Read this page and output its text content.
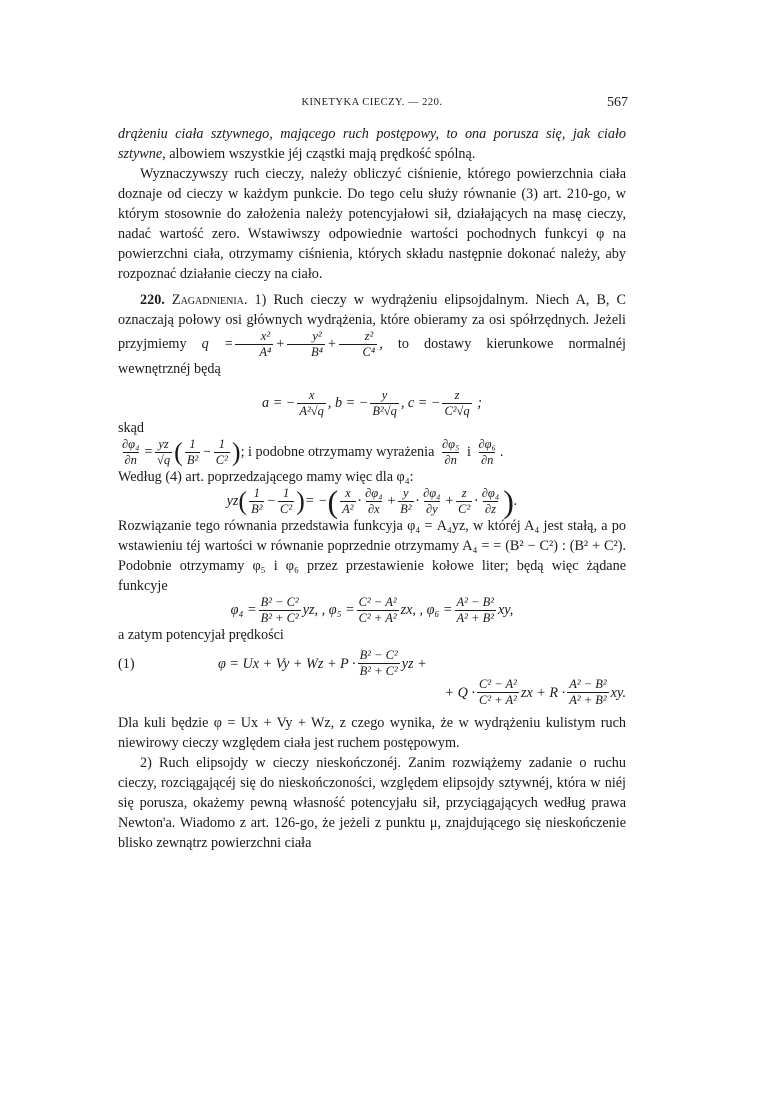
KINETYKA CIECZY. — 220.	567

drążeniu ciała sztywnego, mającego ruch postępowy, to ona porusza się, jak ciało sztywne, albowiem wszystkie jéj cząstki mają prędkość spólną.

Wyznaczywszy ruch cieczy, należy obliczyć ciśnienie, którego powierzchnia ciała doznaje od cieczy w każdym punkcie. Do tego celu służy równanie (3) art. 210-go, w którym stosownie do założenia należy potencyjałowi sił, działających na masę cieczy, nadać wartość zero. Wstawiwszy odpowiednie wartości pochodnych funkcyi φ na powierzchni ciała, otrzymamy ciśnienia, których składu następnie dokonać należy, aby rozpoznać działanie cieczy na ciało.

220. Zagadnienia. 1) Ruch cieczy w wydrążeniu elipsojdalnym. Niech A, B, C oznaczają połowy osi głównych wydrążenia, które obieramy za osi spółrzędnych. Jeżeli przyjmiemy $q = \frac{\text{x²}}{\text{A⁴}} + \frac{\text{y²}}{\text{B⁴}} + \frac{\text{z²}}{\text{C⁴}}$ , to dostawy kierunkowe normalnéj wewnętrznéj będą

a = − $\frac{x}{\text{A²√q}}$ , b = − $\frac{y}{\text{B²√q}}$ , c = − $\frac{z}{\text{C²√q}}$ ;

skąd

$\frac{\text{∂φ₄}}{\partial n} = \frac{yz}{√q}$ ( $\frac{1}{\text{B²}} - \frac{1}{\text{C²}}$ ); i podobne otrzymamy wyrażenia $\frac{\text{∂φ₅}}{\partial n}$ i $\frac{\text{∂φ₆}}{\partial n}$ .

Według (4) art. poprzedzającego mamy więc dla φ₄:

$yz( \frac{1}{\text{B²}} - \frac{1}{\text{C²}}$ )= −( $\frac{x}{\text{A²}} \cdot \frac{\text{∂φ₄}}{\partial x} + \frac{y}{\text{B²}} \cdot \frac{\text{∂φ₄}}{\partial y} + \frac{z}{\text{C²}} \cdot \frac{\text{∂φ₄}}{\partial z}$ ).

Rozwiązanie tego równania przedstawia funkcyja φ₄ = A₄yz, w któréj A₄ jest stałą, a po wstawieniu téj wartości w równanie poprzednie otrzymamy A₄ = = (B² − C²) : (B² + C²). Podobnie otrzymamy φ₅ i φ₆ przez przestawienie kołowe liter; będą więc żądane funkcyje

$\varphi_4 = \frac{\text{B² − C²}}{\text{B² + C²}}$ yz, , $\varphi_5 = \frac{\text{C² − A²}}{\text{C² + A²}}$ zx, , $\varphi_6 = \frac{\text{A² − B²}}{\text{A² + B²}}$ xy,

a zatym potencyjał prędkości

(1)	$\varphi = Ux + Vy + Wz + P \cdot \frac{\text{B² − C²}}{\text{B² + C²}}$ yz +
+ $Q \cdot \frac{\text{C² − A²}}{\text{C² + A²}}$ zx + $R \cdot \frac{\text{A² − B²}}{\text{A² + B²}}$ xy.

Dla kuli będzie φ = Ux + Vy + Wz, z czego wynika, że w wydrążeniu kulistym ruch niewirowy cieczy względem ciała jest ruchem postępowym.

2) Ruch elipsojdy w cieczy nieskończonéj. Zanim rozwiążemy zadanie o ruchu cieczy, rozciągającéj się do nieskończoności, względem elipsojdy sztywnéj, która w niéj się porusza, okażemy pewną własność potencyjału sił, przyciągających według prawa Newton'a. Wiadomo z art. 126-go, że jeżeli z punktu μ, znajdującego się nieskończenie blisko zewnątrz powierzchni ciała
